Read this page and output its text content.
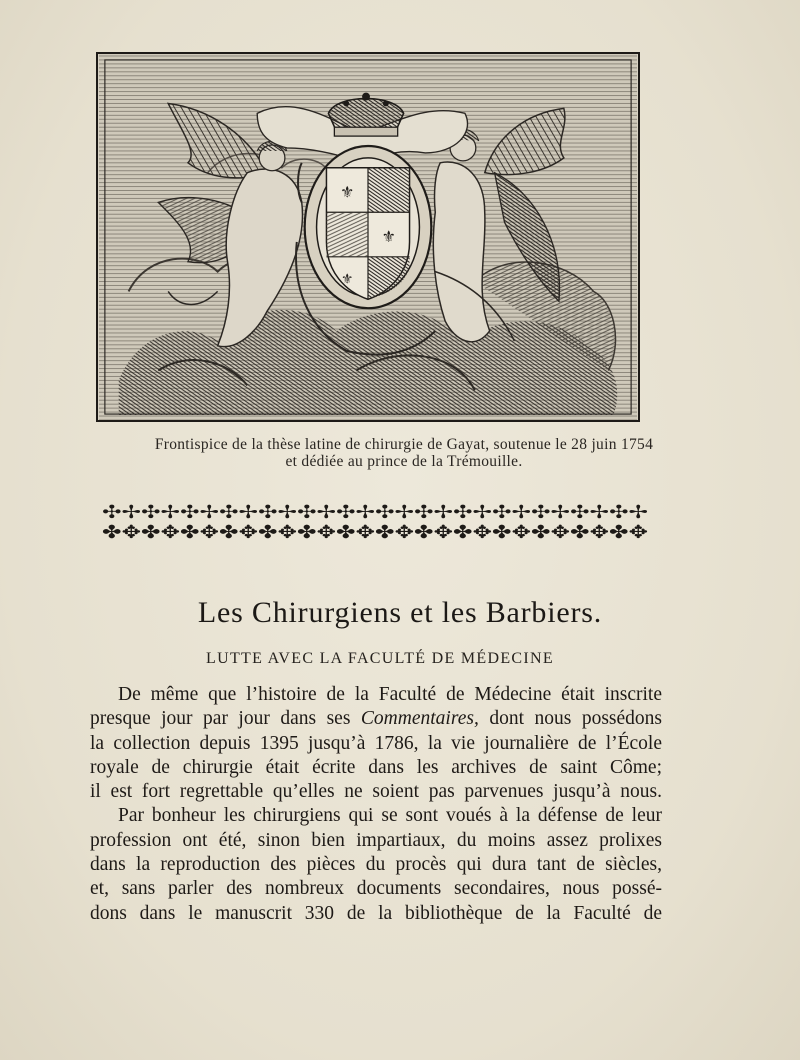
⚜
⚜
⚜
Frontispice de la thèse latine de chirurgie de Gayat, soutenue le 28 juin 1754
et dédiée au prince de la Trémouille.
✣✢✣✢✣✢✣✢✣✢✣✢✣✢✣✢✣✢✣✢✣✢✣✢✣✢✣✢
✤✥✤✥✤✥✤✥✤✥✤✥✤✥✤✥✤✥✤✥✤✥✤✥✤✥✤✥
Les Chirurgiens et les Barbiers.
LUTTE AVEC LA FACULTÉ DE MÉDECINE

De même que l’histoire de la Faculté de Médecine était inscrite
presque jour par jour dans ses Commentaires, dont nous possédons
la collection depuis 1395 jusqu’à 1786, la vie journalière de l’École
royale de chirurgie était écrite dans les archives de saint Côme;
il est fort regrettable qu’elles ne soient pas parvenues jusqu’à nous.

Par bonheur les chirurgiens qui se sont voués à la défense de leur
profession ont été, sinon bien impartiaux, du moins assez prolixes
dans la reproduction des pièces du procès qui dura tant de siècles,
et, sans parler des nombreux documents secondaires, nous possé-
dons dans le manuscrit 330 de la bibliothèque de la Faculté de
